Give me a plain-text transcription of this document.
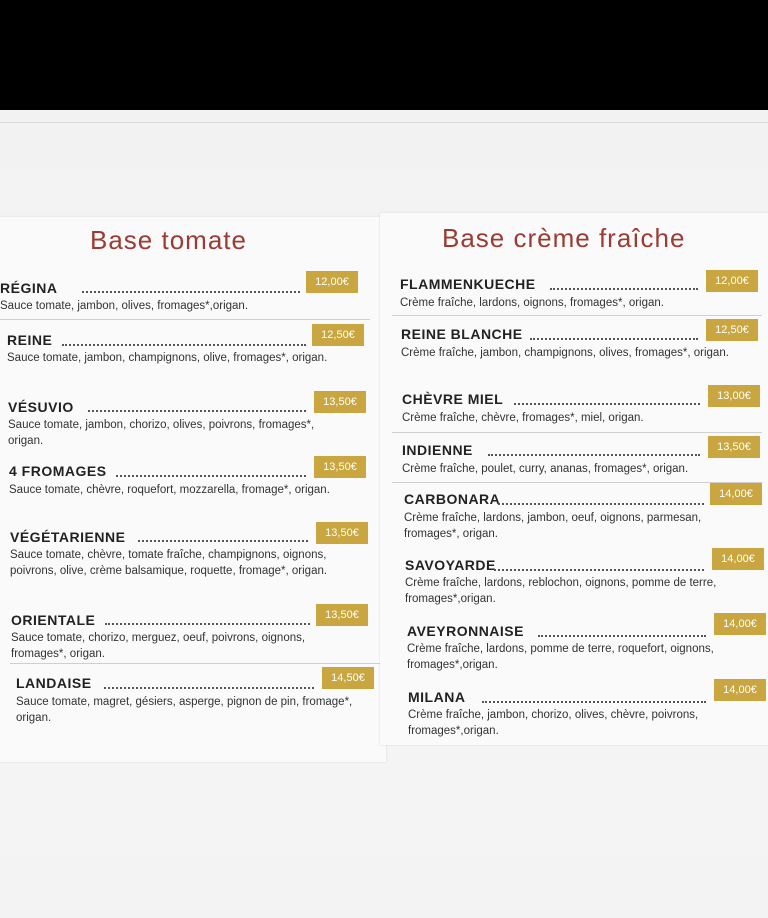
Base tomate
RÉGINA	12,00€
Sauce tomate, jambon, olives, fromages*,origan.
REINE	12,50€
Sauce tomate, jambon, champignons, olive, fromages*, origan.
VÉSUVIO	13,50€
Sauce tomate, jambon, chorizo, olives, poivrons, fromages*, origan.
4 FROMAGES	13,50€
Sauce tomate, chèvre, roquefort, mozzarella, fromage*, origan.
VÉGÉTARIENNE	13,50€
Sauce tomate, chèvre, tomate fraîche, champignons, oignons, poivrons, olive, crème balsamique, roquette, fromage*, origan.
ORIENTALE	13,50€
Sauce tomate, chorizo, merguez, oeuf, poivrons, oignons, fromages*, origan.
LANDAISE	14,50€
Sauce tomate, magret, gésiers, asperge, pignon de pin, fromage*, origan.
Base crème fraîche
FLAMMENKUECHE	12,00€
Crème fraîche, lardons, oignons, fromages*, origan.
REINE BLANCHE	12,50€
Crème fraîche, jambon, champignons, olives, fromages*, origan.
CHÈVRE MIEL	13,00€
Crème fraîche, chèvre, fromages*, miel, origan.
INDIENNE	13,50€
Crème fraîche, poulet, curry, ananas, fromages*, origan.
CARBONARA	14,00€
Crème fraîche, lardons, jambon, oeuf, oignons, parmesan, fromages*, origan.
SAVOYARDE	14,00€
Crème fraîche, lardons, reblochon, oignons, pomme de terre, fromages*,origan.
AVEYRONNAISE	14,00€
Crème fraîche, lardons, pomme de terre, roquefort, oignons, fromages*,origan.
MILANA	14,00€
Crème fraîche, jambon, chorizo, olives, chèvre, poivrons, fromages*,origan.
